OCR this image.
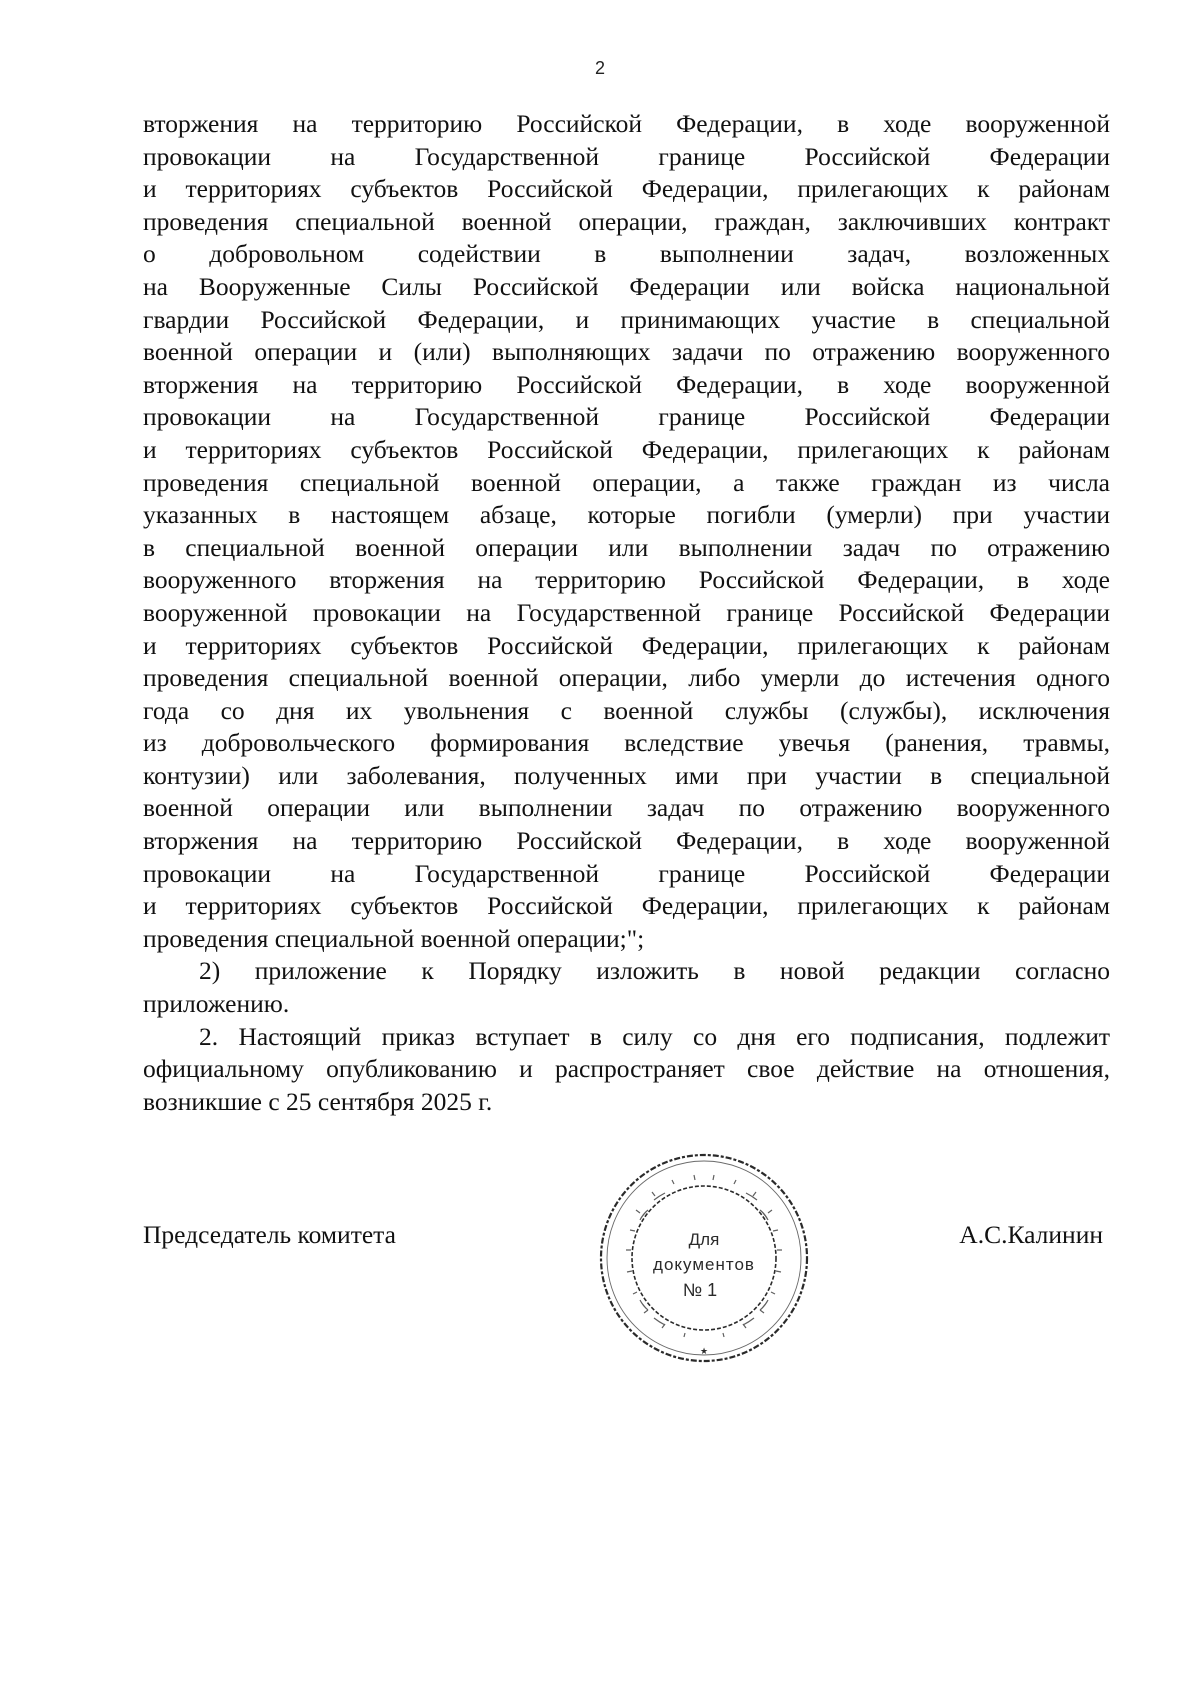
2
вторжения на территорию Российской Федерации, в ходе вооруженной
провокации на Государственной границе Российской Федерации
и территориях субъектов Российской Федерации, прилегающих к районам
проведения специальной военной операции, граждан, заключивших контракт
о добровольном содействии в выполнении задач, возложенных
на Вооруженные Силы Российской Федерации или войска национальной
гвардии Российской Федерации, и принимающих участие в специальной
военной операции и (или) выполняющих задачи по отражению вооруженного
вторжения на территорию Российской Федерации, в ходе вооруженной
провокации на Государственной границе Российской Федерации
и территориях субъектов Российской Федерации, прилегающих к районам
проведения специальной военной операции, а также граждан из числа
указанных в настоящем абзаце, которые погибли (умерли) при участии
в специальной военной операции или выполнении задач по отражению
вооруженного вторжения на территорию Российской Федерации, в ходе
вооруженной провокации на Государственной границе Российской Федерации
и территориях субъектов Российской Федерации, прилегающих к районам
проведения специальной военной операции, либо умерли до истечения одного
года со дня их увольнения с военной службы (службы), исключения
из добровольческого формирования вследствие увечья (ранения, травмы,
контузии) или заболевания, полученных ими при участии в специальной
военной операции или выполнении задач по отражению вооруженного
вторжения на территорию Российской Федерации, в ходе вооруженной
провокации на Государственной границе Российской Федерации
и территориях субъектов Российской Федерации, прилегающих к районам
проведения специальной военной операции;";
2) приложение к Порядку изложить в новой редакции согласно
приложению.
2. Настоящий приказ вступает в силу со дня его подписания, подлежит
официальному опубликованию и распространяет свое действие на отношения,
возникшие с 25 сентября 2025 г.
Председатель комитета	А.С.Калинин
Для
документов
№ 1
★
